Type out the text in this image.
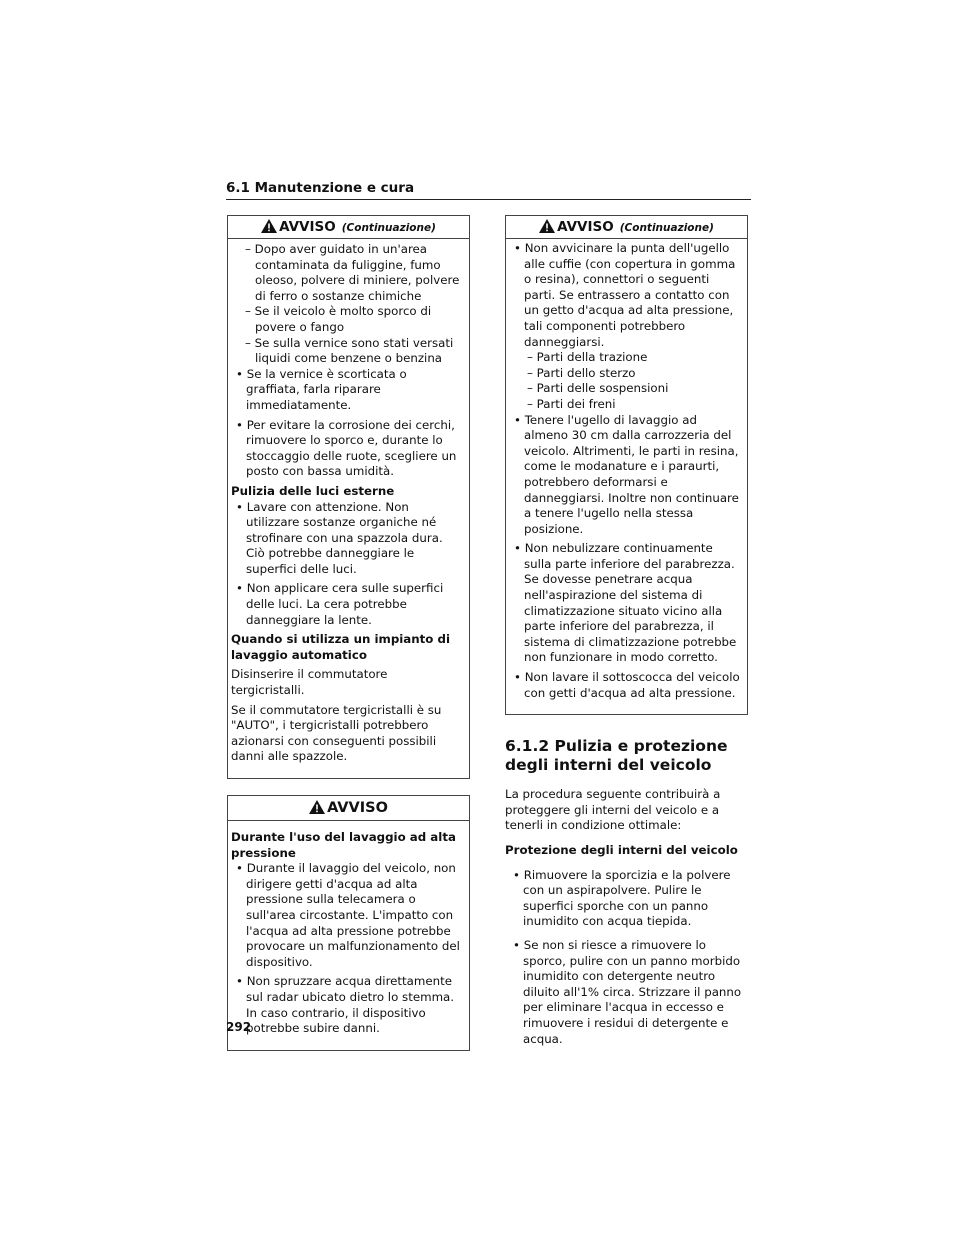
6.1 Manutenzione e cura
AVVISO (Continuazione)

– Dopo aver guidato in un'area contaminata da fuliggine, fumo oleoso, polvere di miniere, polvere di ferro o sostanze chimiche

– Se il veicolo è molto sporco di povere o fango

– Se sulla vernice sono stati versati liquidi come benzene o benzina

• Se la vernice è scorticata o graffiata, farla riparare immediatamente.

• Per evitare la corrosione dei cerchi, rimuovere lo sporco e, durante lo stoccaggio delle ruote, scegliere un posto con bassa umidità.

Pulizia delle luci esterne

• Lavare con attenzione. Non utilizzare sostanze organiche né strofinare con una spazzola dura. Ciò potrebbe danneggiare le superfici delle luci.

• Non applicare cera sulle superfici delle luci. La cera potrebbe danneggiare la lente.

Quando si utilizza un impianto di lavaggio automatico

Disinserire il commutatore tergicristalli.

Se il commutatore tergicristalli è su "AUTO", i tergicristalli potrebbero azionarsi con conseguenti possibili danni alle spazzole.

AVVISO

Durante l'uso del lavaggio ad alta pressione

• Durante il lavaggio del veicolo, non dirigere getti d'acqua ad alta pressione sulla telecamera o sull'area circostante. L'impatto con l'acqua ad alta pressione potrebbe provocare un malfunzionamento del dispositivo.

• Non spruzzare acqua direttamente sul radar ubicato dietro lo stemma. In caso contrario, il dispositivo potrebbe subire danni.

AVVISO (Continuazione)

• Non avvicinare la punta dell'ugello alle cuffie (con copertura in gomma o resina), connettori o seguenti parti. Se entrassero a contatto con un getto d'acqua ad alta pressione, tali componenti potrebbero danneggiarsi.

– Parti della trazione

– Parti dello sterzo

– Parti delle sospensioni

– Parti dei freni

• Tenere l'ugello di lavaggio ad almeno 30 cm dalla carrozzeria del veicolo. Altrimenti, le parti in resina, come le modanature e i paraurti, potrebbero deformarsi e danneggiarsi. Inoltre non continuare a tenere l'ugello nella stessa posizione.

• Non nebulizzare continuamente sulla parte inferiore del parabrezza. Se dovesse penetrare acqua nell'aspirazione del sistema di climatizzazione situato vicino alla parte inferiore del parabrezza, il sistema di climatizzazione potrebbe non funzionare in modo corretto.

• Non lavare il sottoscocca del veicolo con getti d'acqua ad alta pressione.

6.1.2 Pulizia e protezione degli interni del veicolo

La procedura seguente contribuirà a proteggere gli interni del veicolo e a tenerli in condizione ottimale:

Protezione degli interni del veicolo

• Rimuovere la sporcizia e la polvere con un aspirapolvere. Pulire le superfici sporche con un panno inumidito con acqua tiepida.

• Se non si riesce a rimuovere lo sporco, pulire con un panno morbido inumidito con detergente neutro diluito all'1% circa. Strizzare il panno per eliminare l'acqua in eccesso e rimuovere i residui di detergente e acqua.

292
